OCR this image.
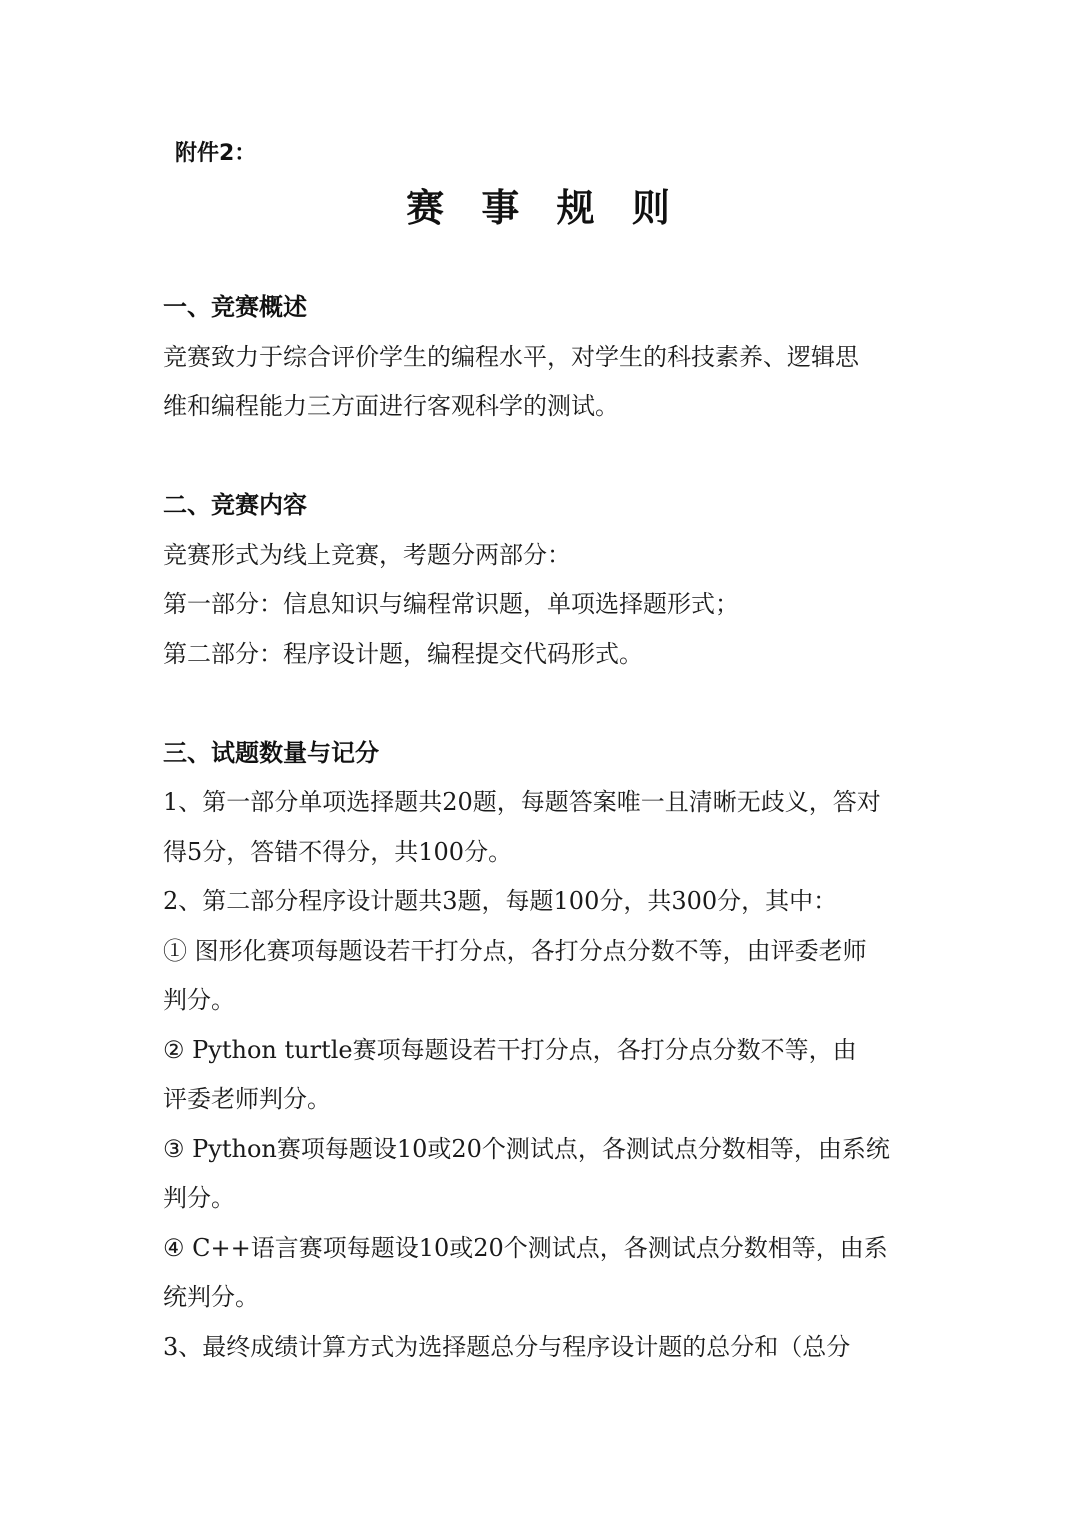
附件2：
赛 事 规 则

一、竞赛概述

竞赛致力于综合评价学生的编程水平，对学生的科技素养、逻辑思

维和编程能力三方面进行客观科学的测试。

二、竞赛内容

竞赛形式为线上竞赛，考题分两部分：

第一部分：信息知识与编程常识题，单项选择题形式；

第二部分：程序设计题，编程提交代码形式。

三、试题数量与记分

1、第一部分单项选择题共20题，每题答案唯一且清晰无歧义，答对

得5分，答错不得分，共100分。

2、第二部分程序设计题共3题，每题100分，共300分，其中：

① 图形化赛项每题设若干打分点，各打分点分数不等，由评委老师

判分。

② Python turtle赛项每题设若干打分点，各打分点分数不等，由

评委老师判分。

③ Python赛项每题设10或20个测试点，各测试点分数相等，由系统

判分。

④ C++语言赛项每题设10或20个测试点，各测试点分数相等，由系

统判分。

3、最终成绩计算方式为选择题总分与程序设计题的总分和（总分
